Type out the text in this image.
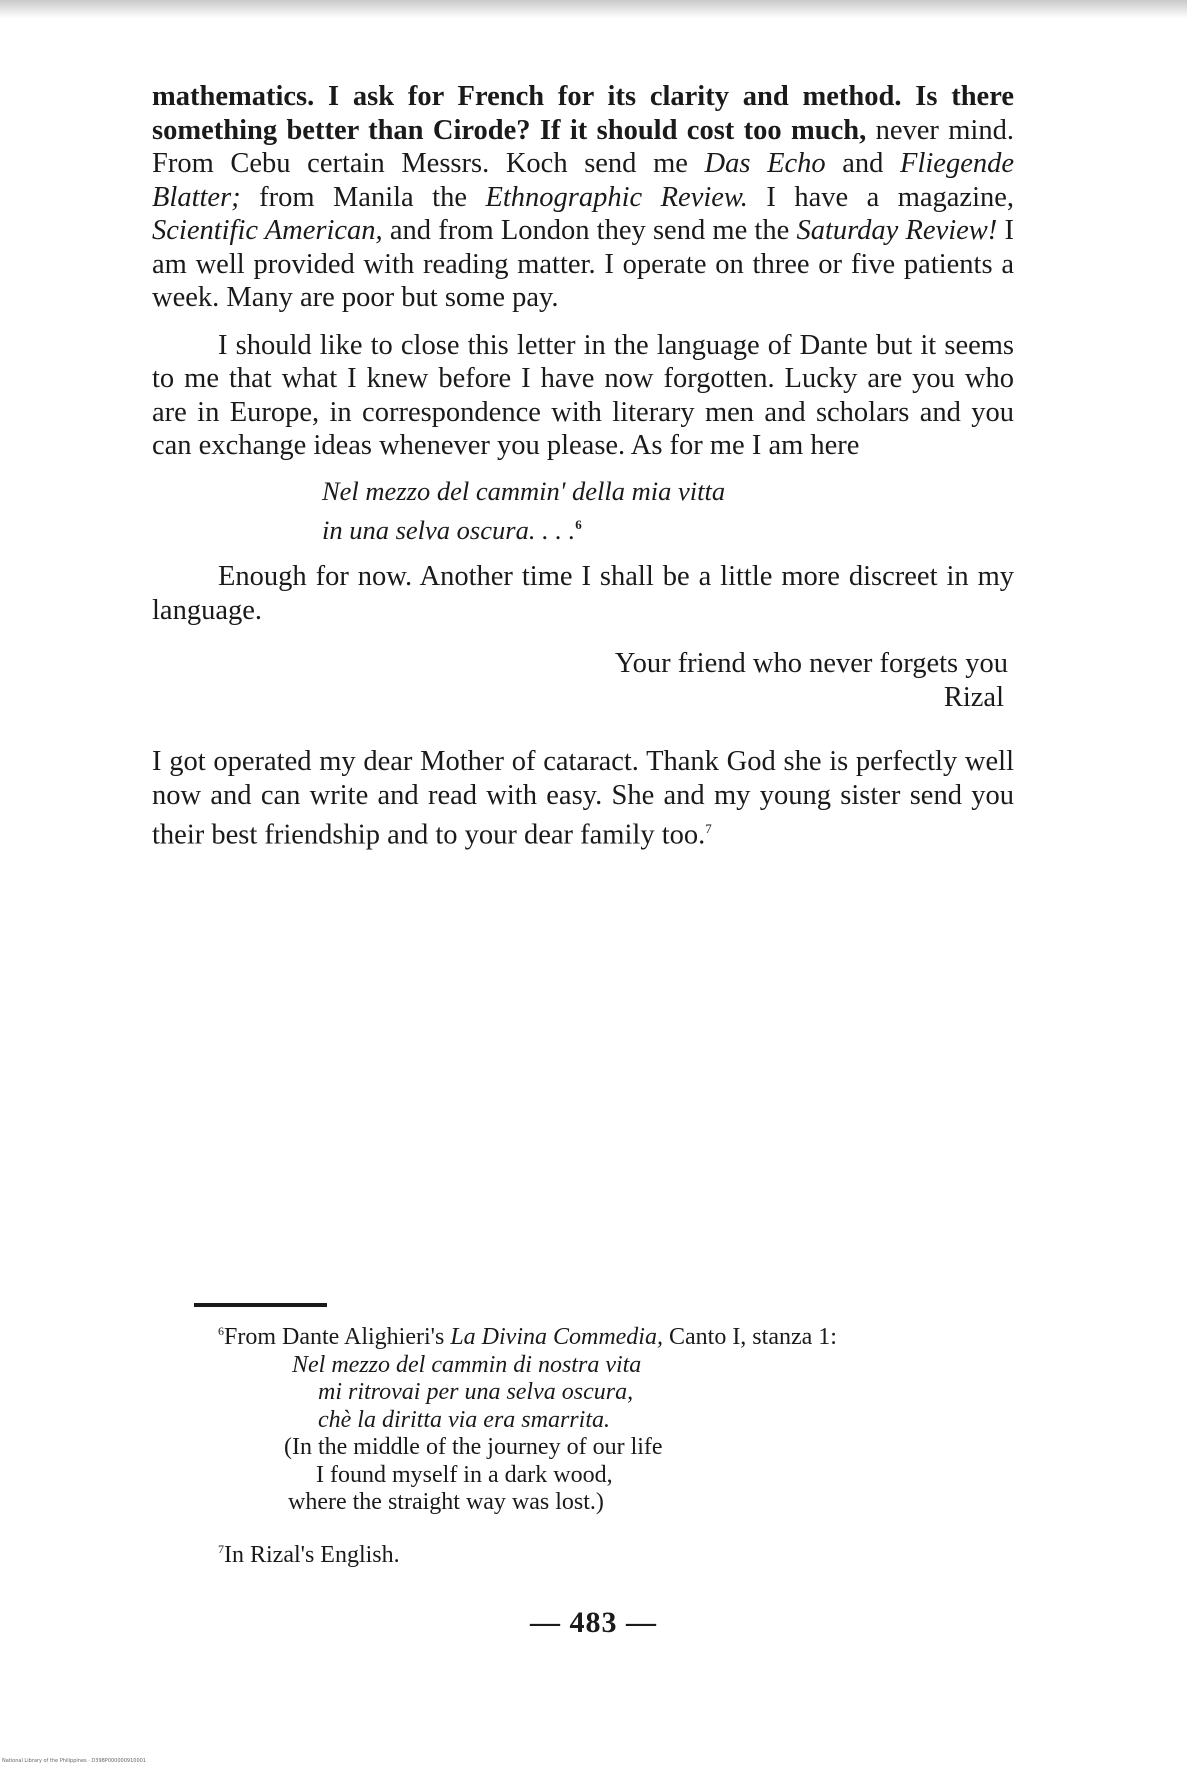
mathematics. I ask for French for its clarity and method. Is there something better than Cirode? If it should cost too much, never mind. From Cebu certain Messrs. Koch send me Das Echo and Fliegende Blatter; from Manila the Ethnographic Review. I have a magazine, Scientific American, and from London they send me the Saturday Review! I am well provided with reading matter. I operate on three or five patients a week. Many are poor but some pay.

I should like to close this letter in the language of Dante but it seems to me that what I knew before I have now forgotten. Lucky are you who are in Europe, in correspondence with literary men and scholars and you can exchange ideas whenever you please. As for me I am here

Nel mezzo del cammin' della mia vitta
in una selva oscura. . . .$^6$

Enough for now. Another time I shall be a little more discreet in my language.

Your friend who never forgets you
Rizal

I got operated my dear Mother of cataract. Thank God she is perfectly well now and can write and read with easy. She and my young sister send you their best friendship and to your dear family too.$^7$

$^6$From Dante Alighieri's La Divina Commedia, Canto I, stanza 1:

Nel mezzo del cammin di nostra vita

mi ritrovai per una selva oscura,

chè la diritta via era smarrita.

(In the middle of the journey of our life

I found myself in a dark wood,

where the straight way was lost.)

$^7$In Rizal's English.

— 483 —
National Library of the Philippines · D398P000000910001
